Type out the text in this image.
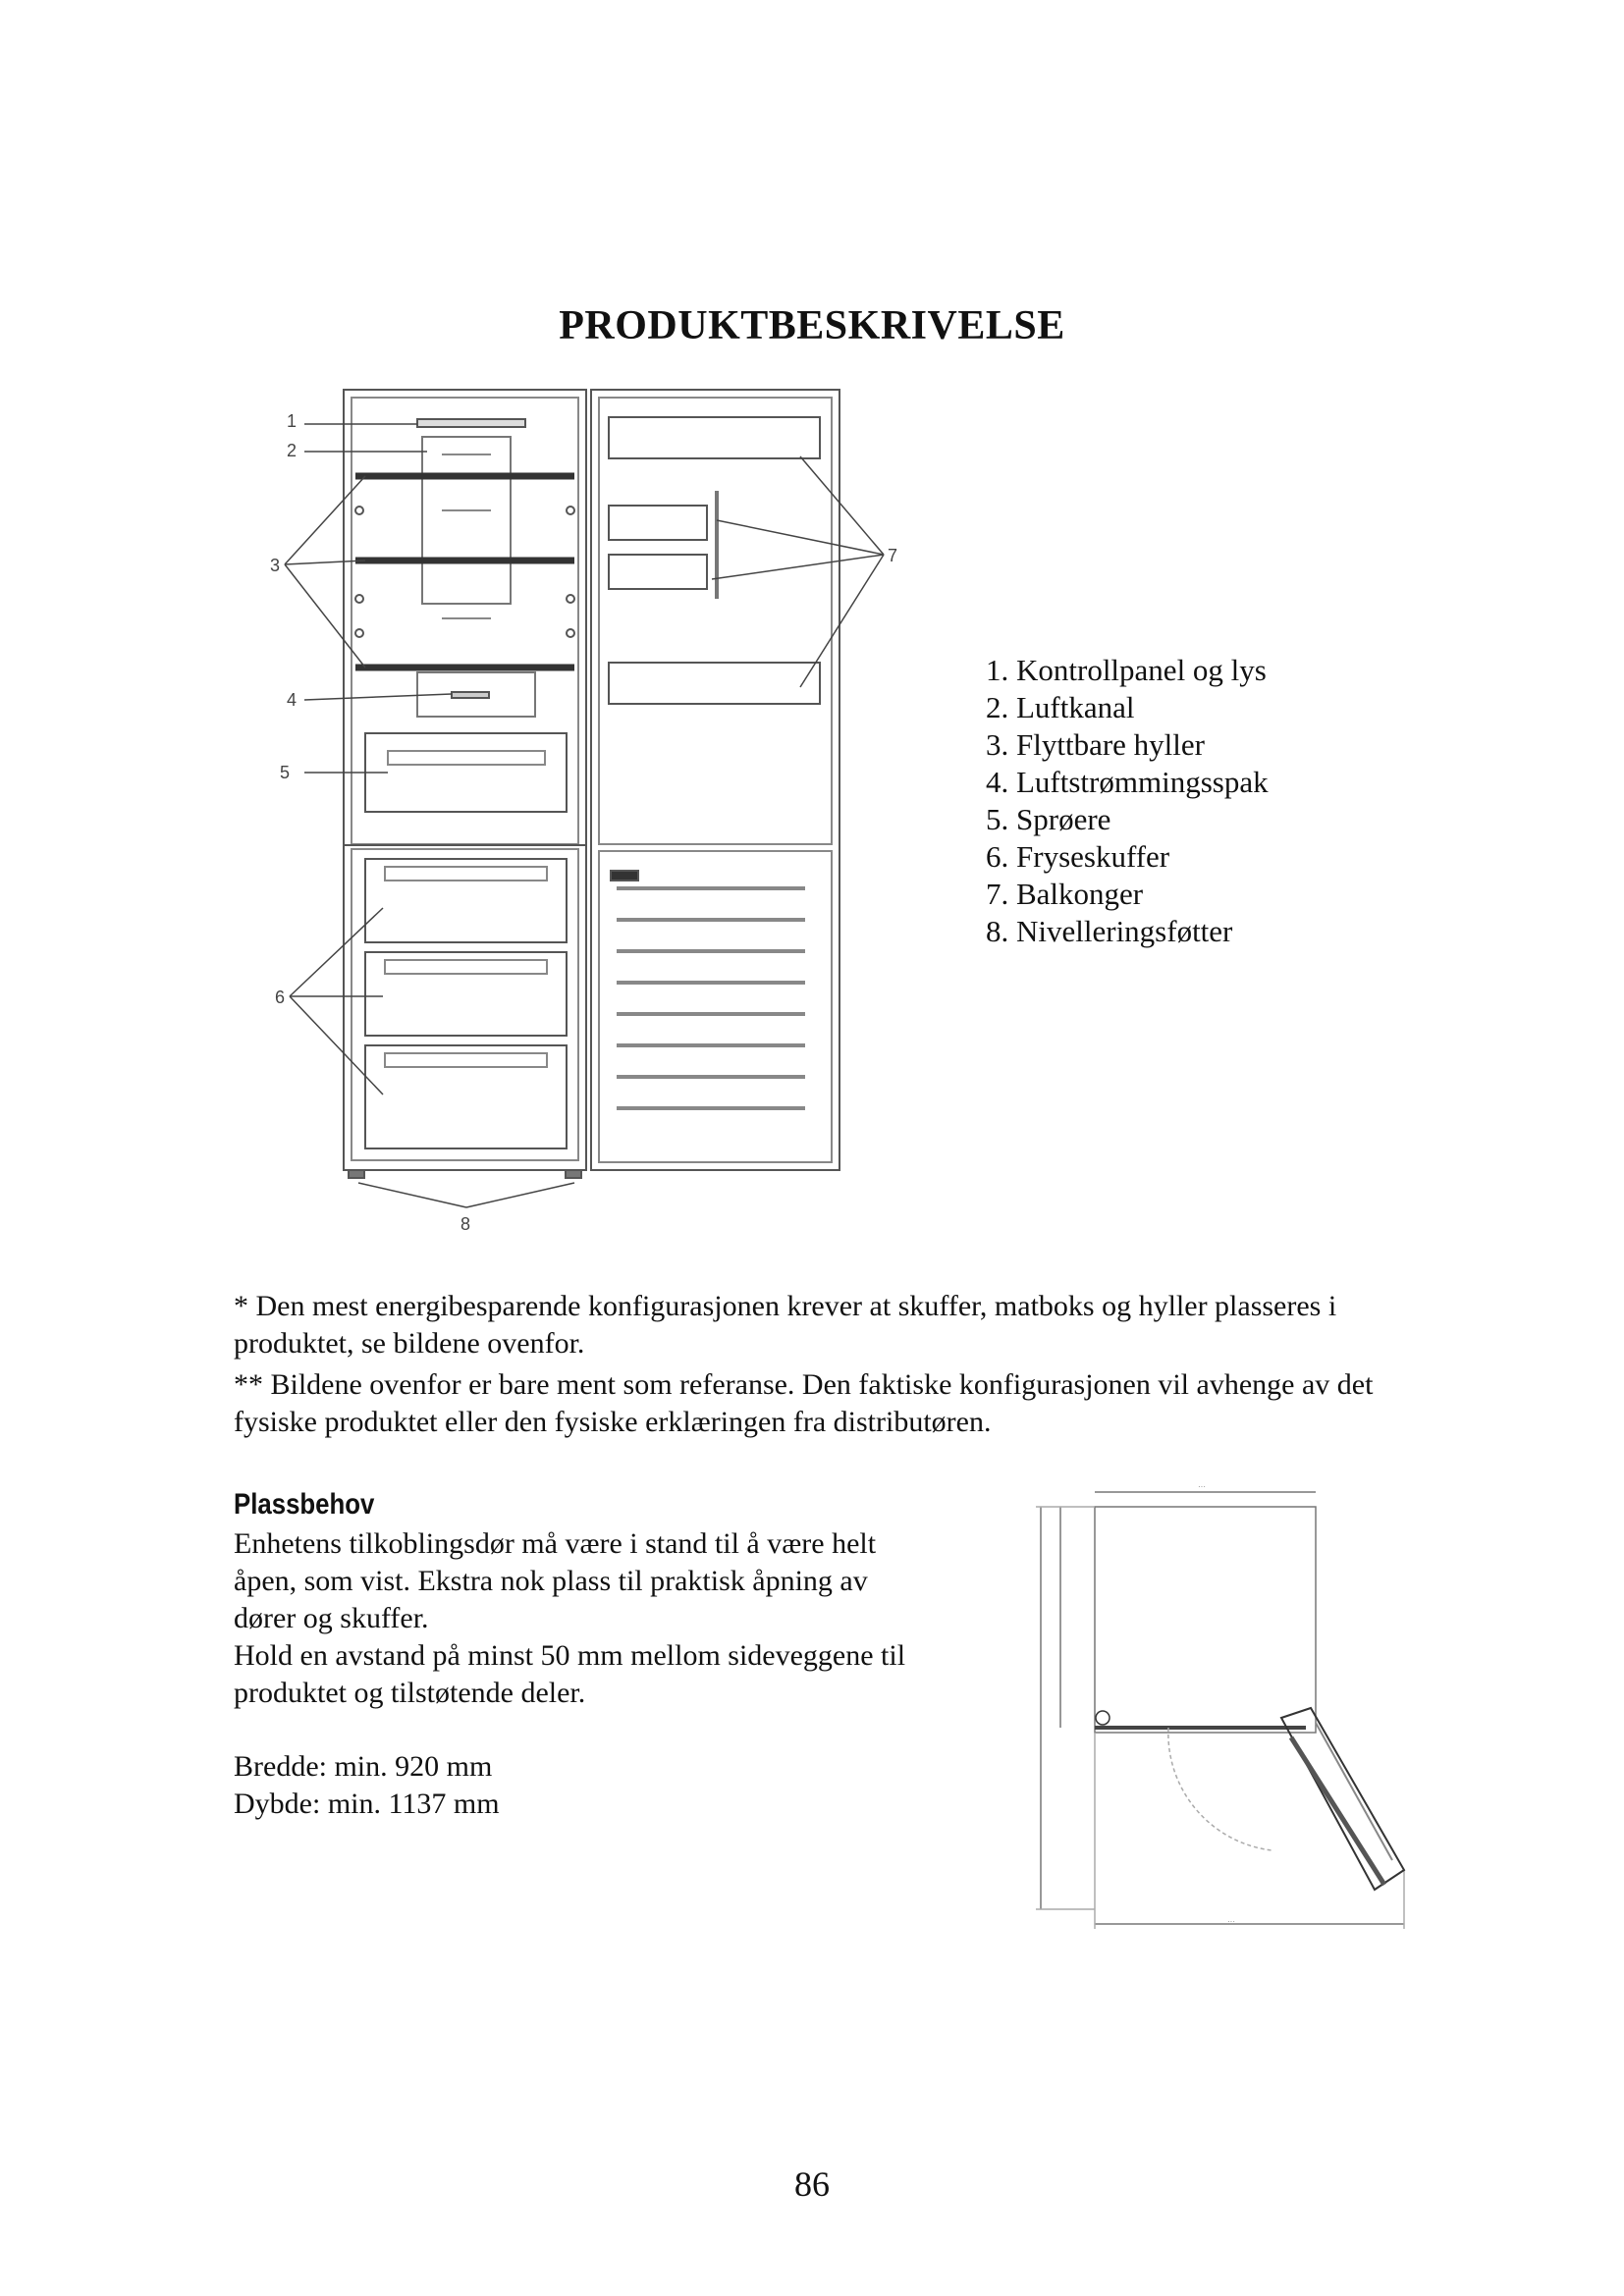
PRODUKTBESKRIVELSE
1
2
3
4
5
6
7
8
1. Kontrollpanel og lys
2. Luftkanal
3. Flyttbare hyller
4. Luftstrømmingsspak
5. Sprøere
6. Fryseskuffer
7. Balkonger
8. Nivelleringsføtter

* Den mest energibesparende konfigurasjonen krever at skuffer, matboks og hyller plasseres i produktet, se bildene ovenfor.

** Bildene ovenfor er bare ment som referanse. Den faktiske konfigurasjonen vil avhenge av det fysiske produktet eller den fysiske erklæringen fra distributøren.

Plassbehov

Enhetens tilkoblingsdør må være i stand til å være helt åpen, som vist. Ekstra nok plass til praktisk åpning av dører og skuffer.

Hold en avstand på minst 50 mm mellom sideveggene til produktet og tilstøtende deler.

Bredde: min. 920 mm

Dybde: min. 1137 mm

···
···
86
